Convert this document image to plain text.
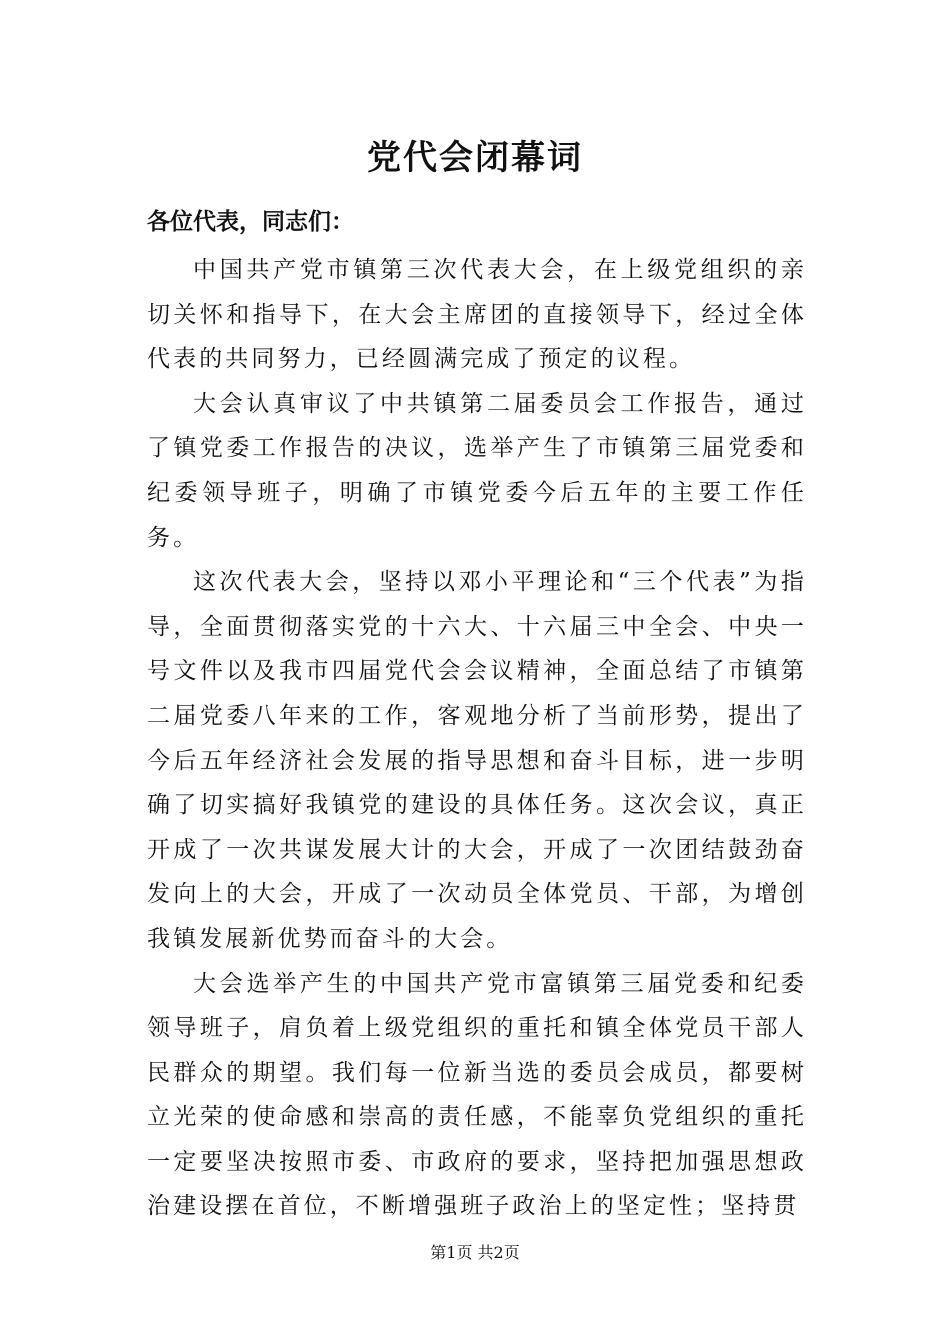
党代会闭幕词

各位代表，同志们：

中国共产党市镇第三次代表大会，在上级党组织的亲切关怀和指导下，在大会主席团的直接领导下，经过全体代表的共同努力，已经圆满完成了预定的议程。

大会认真审议了中共镇第二届委员会工作报告，通过了镇党委工作报告的决议，选举产生了市镇第三届党委和纪委领导班子，明确了市镇党委今后五年的主要工作任务。

这次代表大会，坚持以邓小平理论和“三个代表”为指导，全面贯彻落实党的十六大、十六届三中全会、中央一号文件以及我市四届党代会会议精神，全面总结了市镇第二届党委八年来的工作，客观地分析了当前形势，提出了今后五年经济社会发展的指导思想和奋斗目标，进一步明确了切实搞好我镇党的建设的具体任务。这次会议，真正开成了一次共谋发展大计的大会，开成了一次团结鼓劲奋发向上的大会，开成了一次动员全体党员、干部，为增创我镇发展新优势而奋斗的大会。

大会选举产生的中国共产党市富镇第三届党委和纪委领导班子，肩负着上级党组织的重托和镇全体党员干部人民群众的期望。我们每一位新当选的委员会成员，都要树立光荣的使命感和崇高的责任感，不能辜负党组织的重托一定要坚决按照市委、市政府的要求，坚持把加强思想政治建设摆在首位，不断增强班子政治上的坚定性；坚持贯

第1页 共2页
